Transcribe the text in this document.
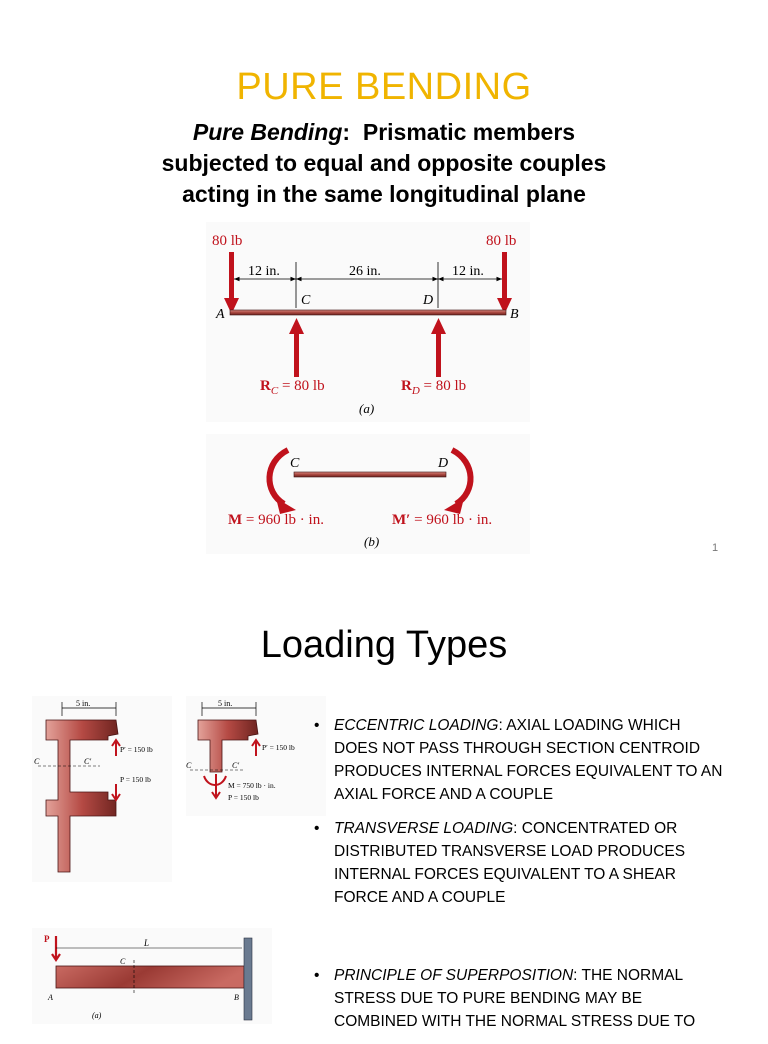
PURE BENDING
Pure Bending: Prismatic members
subjected to equal and opposite couples
acting in the same longitudinal plane
80 lb	80 lb
12 in.	26 in.	12 in.
A	B
C	D
$R_C = 80$ lb	$R_D = 80$ lb
(a)
C	D
M = 960 lb · in.	M′ = 960 lb · in.
(b)	1
Loading Types
5 in.
C	C′
P′ = 150 lb
P = 150 lb
5 in.
C	C′
P′ = 150 lb
M = 750 lb · in.
P = 150 lb
P	L
C
A	B
(a)
• ECCENTRIC LOADING: AXIAL LOADING WHICH DOES NOT PASS THROUGH SECTION CENTROID PRODUCES INTERNAL FORCES EQUIVALENT TO AN AXIAL FORCE AND A COUPLE
• TRANSVERSE LOADING: CONCENTRATED OR DISTRIBUTED TRANSVERSE LOAD PRODUCES INTERNAL FORCES EQUIVALENT TO A SHEAR FORCE AND A COUPLE
• PRINCIPLE OF SUPERPOSITION: THE NORMAL STRESS DUE TO PURE BENDING MAY BE COMBINED WITH THE NORMAL STRESS DUE TO
